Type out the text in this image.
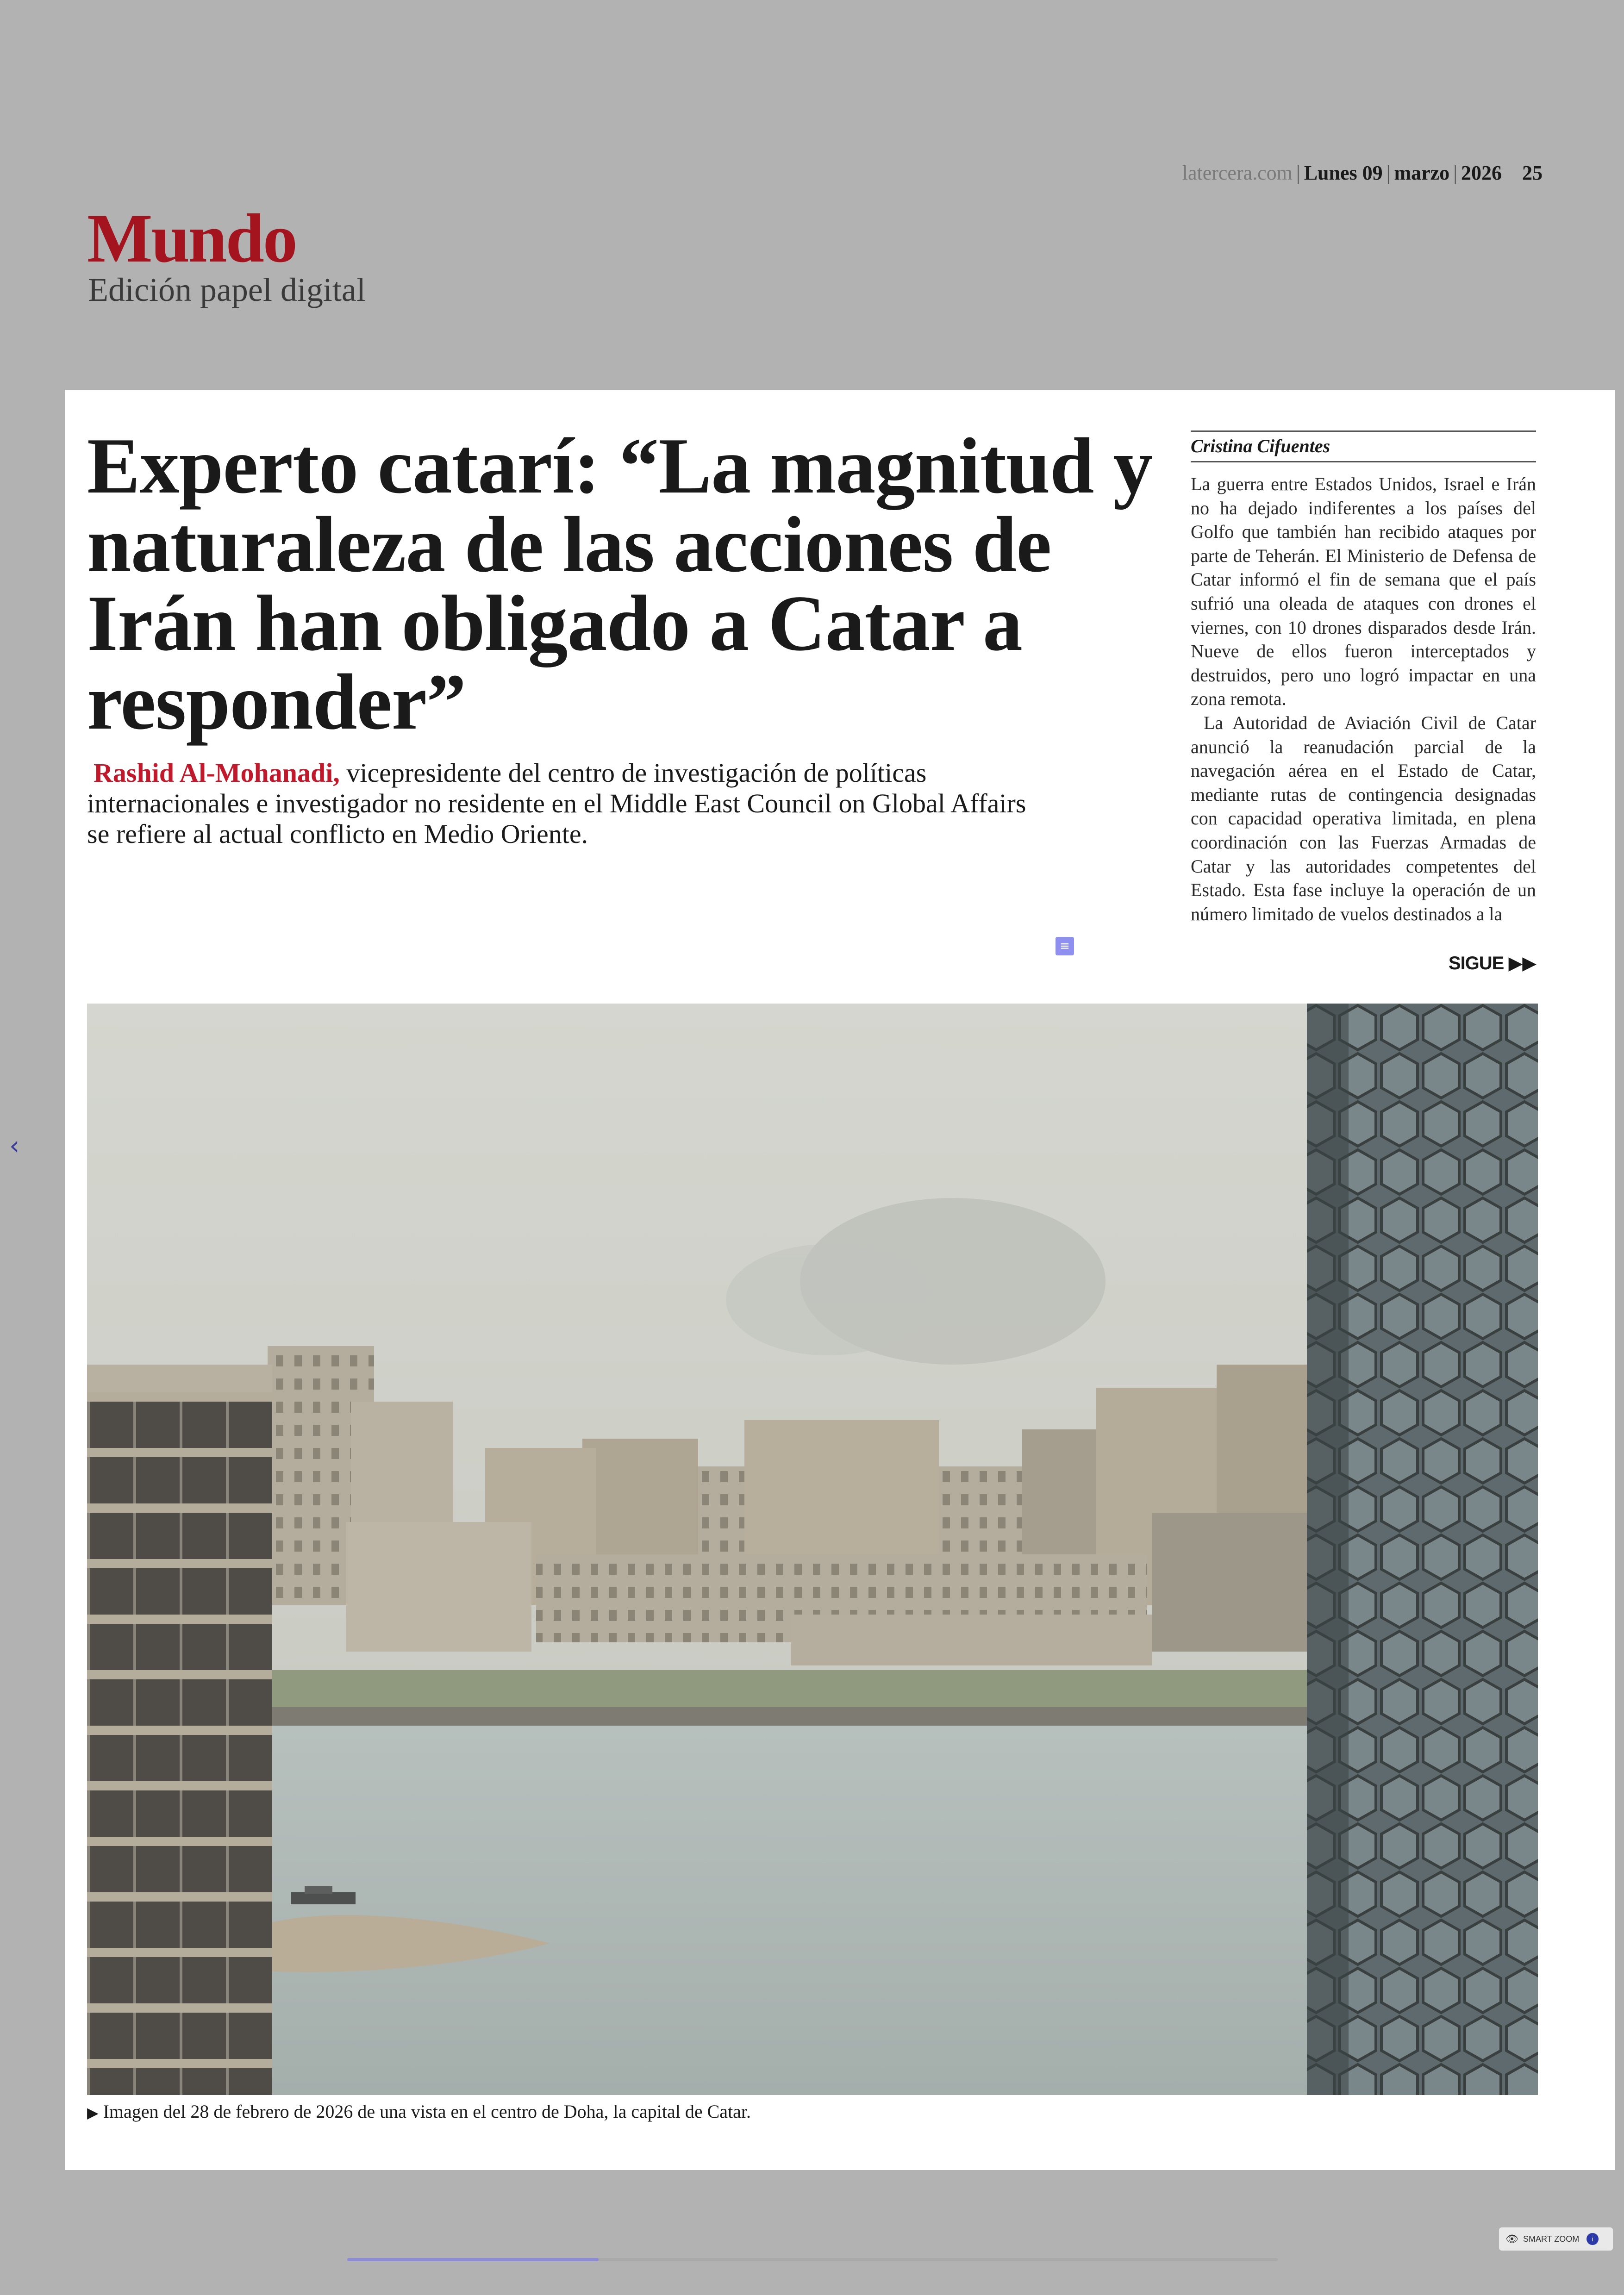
latercera.com | Lunes 09 | marzo | 2026 25
Mundo
Edición papel digital
‹
Experto catarí: “La magnitud y naturaleza de las acciones de Irán han obligado a Catar a responder”
Rashid Al-Mohanadi, vicepresidente del centro de investigación de políticas internacionales e investigador no residente en el Middle East Council on Global Affairs se refiere al actual conflicto en Medio Oriente.
Cristina Cifuentes

La guerra entre Estados Unidos, Israel e Irán no ha dejado indiferentes a los países del Golfo que también han recibido ataques por parte de Teherán. El Ministerio de Defensa de Catar informó el fin de semana que el país sufrió una oleada de ataques con drones el viernes, con 10 drones disparados desde Irán. Nueve de ellos fueron interceptados y destruidos, pero uno logró impactar en una zona remota.

La Autoridad de Aviación Civil de Catar anunció la reanudación parcial de la navegación aérea en el Estado de Catar, mediante rutas de contingencia designadas con capacidad operativa limitada, en plena coordinación con las Fuerzas Armadas de Catar y las autoridades competentes del Estado. Esta fase incluye la operación de un número limitado de vuelos destinados a la

≡
SIGUE ▶▶
▶ Imagen del 28 de febrero de 2026 de una vista en el centro de Doha, la capital de Catar.
👁 SMART ZOOM	i
